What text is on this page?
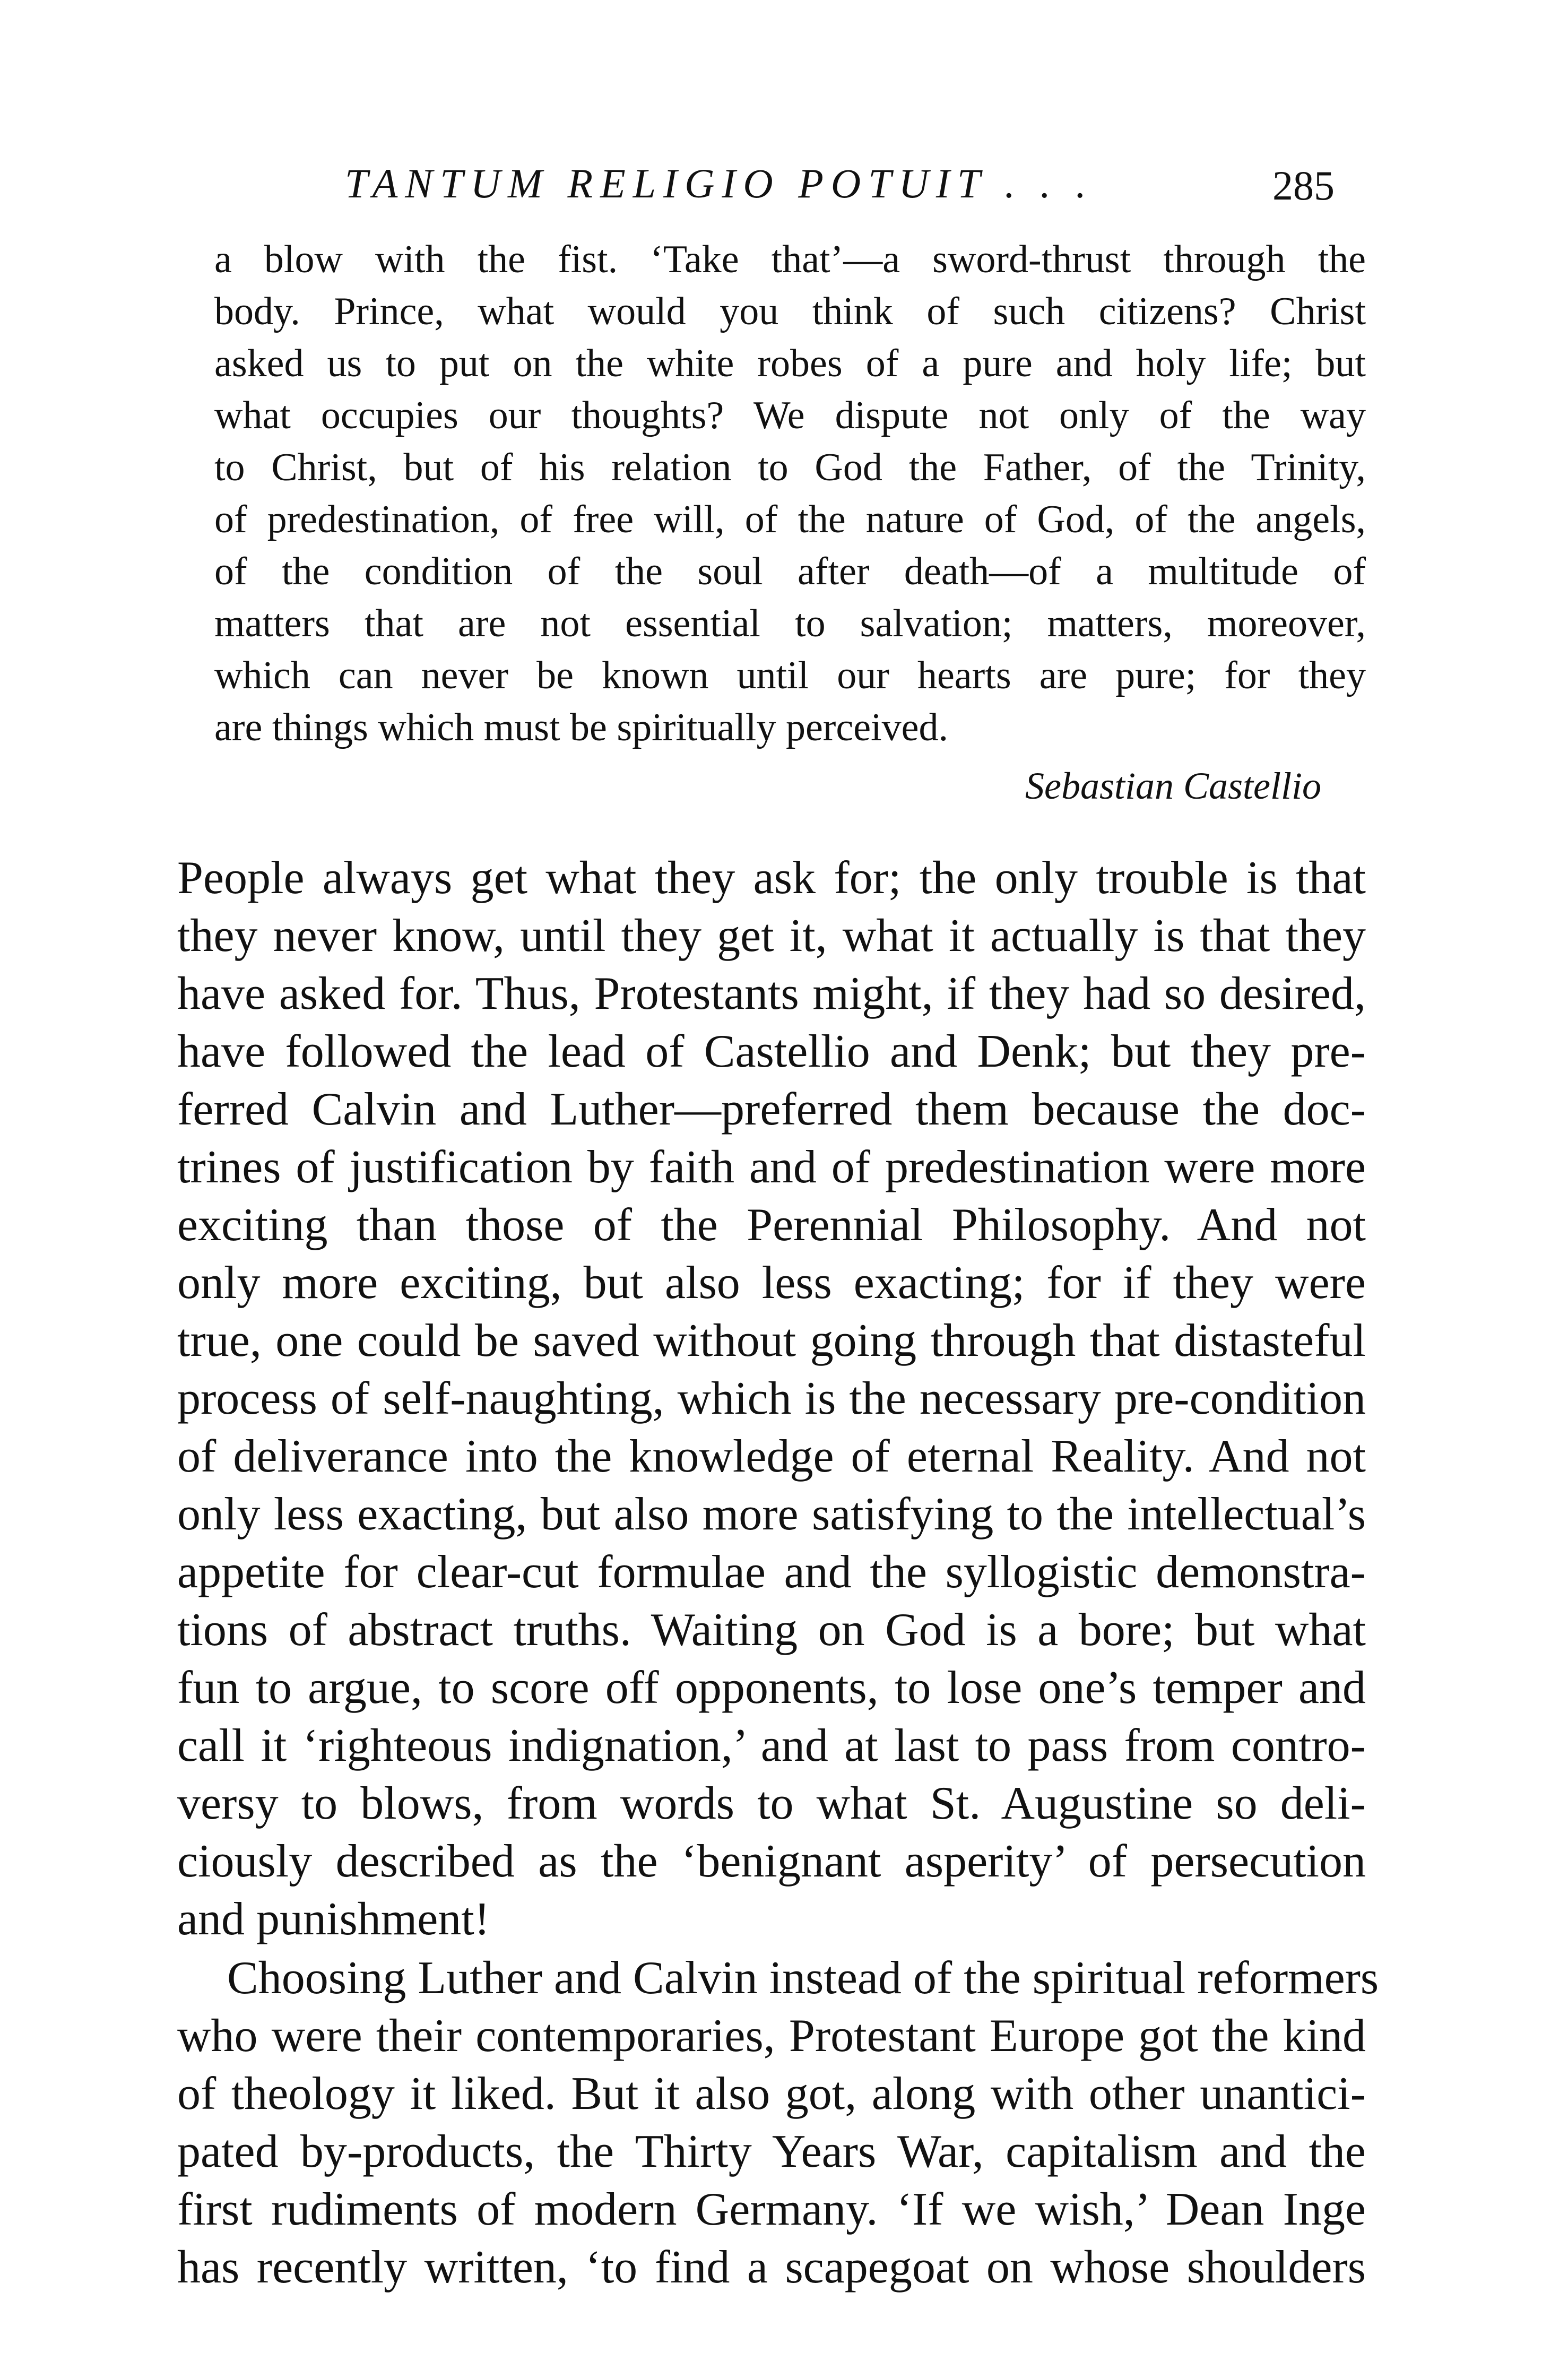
TANTUM RELIGIO POTUIT . . .	285
a blow with the fist. ‘Take that’—a sword-thrust through the
body. Prince, what would you think of such citizens? Christ
asked us to put on the white robes of a pure and holy life; but
what occupies our thoughts? We dispute not only of the way
to Christ, but of his relation to God the Father, of the Trinity,
of predestination, of free will, of the nature of God, of the angels,
of the condition of the soul after death—of a multitude of
matters that are not essential to salvation; matters, moreover,
which can never be known until our hearts are pure; for they
are things which must be spiritually perceived.
Sebastian Castellio
People always get what they ask for; the only trouble is that
they never know, until they get it, what it actually is that they
have asked for. Thus, Protestants might, if they had so desired,
have followed the lead of Castellio and Denk; but they pre-
ferred Calvin and Luther—preferred them because the doc-
trines of justification by faith and of predestination were more
exciting than those of the Perennial Philosophy. And not
only more exciting, but also less exacting; for if they were
true, one could be saved without going through that distasteful
process of self-naughting, which is the necessary pre-condition
of deliverance into the knowledge of eternal Reality. And not
only less exacting, but also more satisfying to the intellectual’s
appetite for clear-cut formulae and the syllogistic demonstra-
tions of abstract truths. Waiting on God is a bore; but what
fun to argue, to score off opponents, to lose one’s temper and
call it ‘righteous indignation,’ and at last to pass from contro-
versy to blows, from words to what St. Augustine so deli-
ciously described as the ‘benignant asperity’ of persecution
and punishment!
Choosing Luther and Calvin instead of the spiritual reformers
who were their contemporaries, Protestant Europe got the kind
of theology it liked. But it also got, along with other unantici-
pated by-products, the Thirty Years War, capitalism and the
first rudiments of modern Germany. ‘If we wish,’ Dean Inge
has recently written, ‘to find a scapegoat on whose shoulders
